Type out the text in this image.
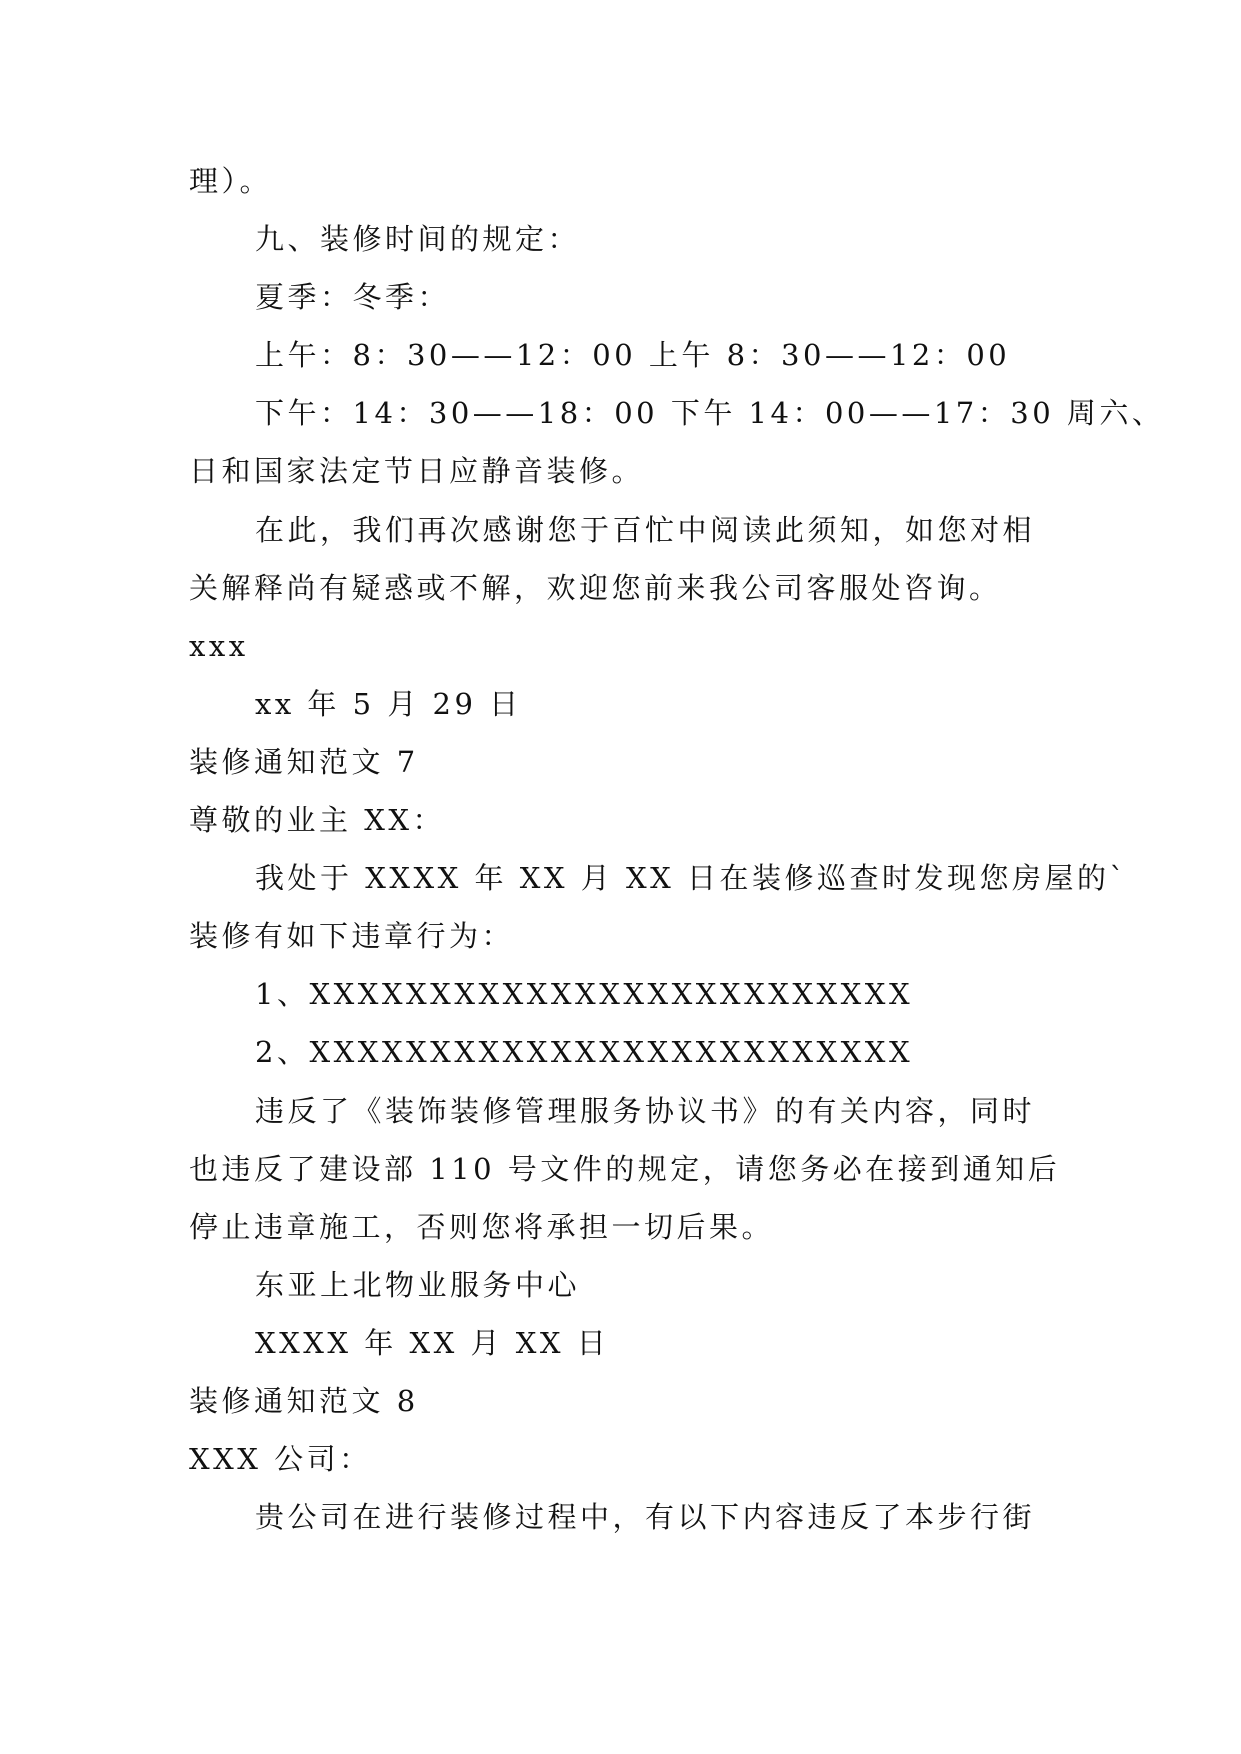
理）。
九、装修时间的规定：
夏季：冬季：
上午：8：30——12：00 上午 8：30——12：00
下午：14：30——18：00 下午 14：00——17：30 周六、
日和国家法定节日应静音装修。
在此，我们再次感谢您于百忙中阅读此须知，如您对相
关解释尚有疑惑或不解，欢迎您前来我公司客服处咨询。
xxx
xx 年 5 月 29 日
装修通知范文 7
尊敬的业主 XX：
我处于 XXXX 年 XX 月 XX 日在装修巡查时发现您房屋的`
装修有如下违章行为：
1、XXXXXXXXXXXXXXXXXXXXXXXXX
2、XXXXXXXXXXXXXXXXXXXXXXXXX
违反了《装饰装修管理服务协议书》的有关内容，同时
也违反了建设部 110 号文件的规定，请您务必在接到通知后
停止违章施工，否则您将承担一切后果。
东亚上北物业服务中心
XXXX 年 XX 月 XX 日
装修通知范文 8
XXX 公司：
贵公司在进行装修过程中，有以下内容违反了本步行街
